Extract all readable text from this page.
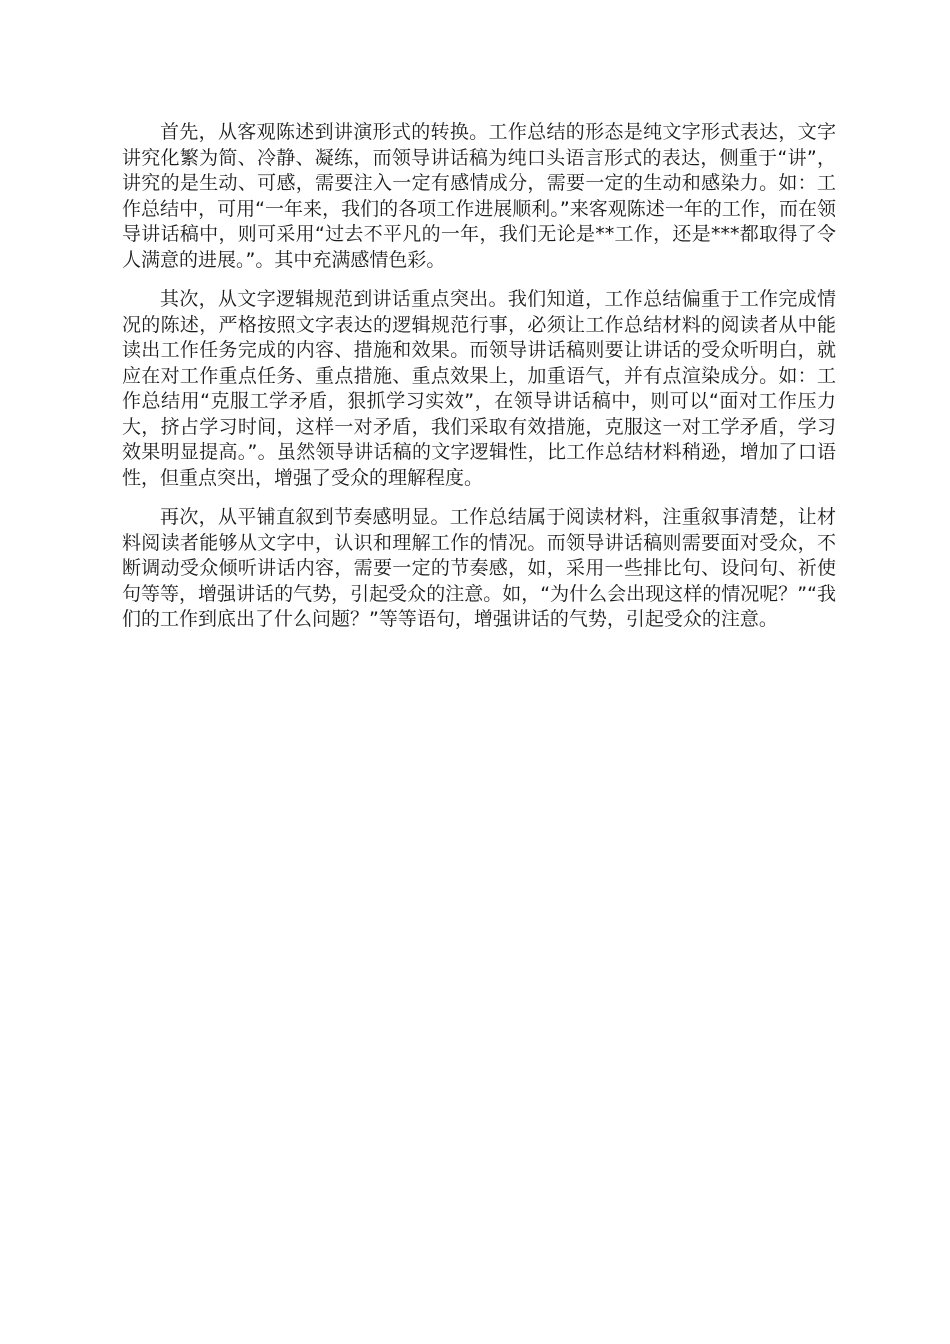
首先，从客观陈述到讲演形式的转换。工作总结的形态是纯文字形式表达，文字讲究化繁为简、冷静、凝练，而领导讲话稿为纯口头语言形式的表达，侧重于“讲”，讲究的是生动、可感，需要注入一定有感情成分，需要一定的生动和感染力。如：工作总结中，可用“一年来，我们的各项工作进展顺利。”来客观陈述一年的工作，而在领导讲话稿中，则可采用“过去不平凡的一年，我们无论是**工作，还是***都取得了令人满意的进展。”。其中充满感情色彩。

其次，从文字逻辑规范到讲话重点突出。我们知道，工作总结偏重于工作完成情况的陈述，严格按照文字表达的逻辑规范行事，必须让工作总结材料的阅读者从中能读出工作任务完成的内容、措施和效果。而领导讲话稿则要让讲话的受众听明白，就应在对工作重点任务、重点措施、重点效果上，加重语气，并有点渲染成分。如：工作总结用“克服工学矛盾，狠抓学习实效”，在领导讲话稿中，则可以“面对工作压力大，挤占学习时间，这样一对矛盾，我们采取有效措施，克服这一对工学矛盾，学习效果明显提高。”。虽然领导讲话稿的文字逻辑性，比工作总结材料稍逊，增加了口语性，但重点突出，增强了受众的理解程度。

再次，从平铺直叙到节奏感明显。工作总结属于阅读材料，注重叙事清楚，让材料阅读者能够从文字中，认识和理解工作的情况。而领导讲话稿则需要面对受众，不断调动受众倾听讲话内容，需要一定的节奏感，如，采用一些排比句、设问句、祈使句等等，增强讲话的气势，引起受众的注意。如，“为什么会出现这样的情况呢？”“我们的工作到底出了什么问题？”等等语句，增强讲话的气势，引起受众的注意。
